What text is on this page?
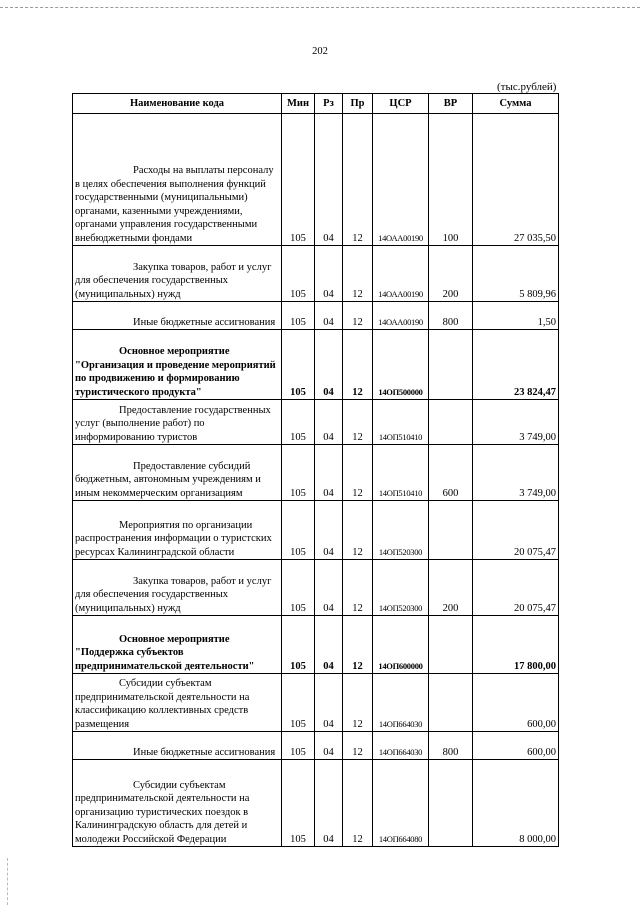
202
(тыс.рублей)
Наименование кода	Мин	Рз	Пр	ЦСР	ВР	Сумма
Расходы на выплаты персоналу в целях обеспечения выполнения функций государственными (муниципальными) органами, казенными учреждениями, органами управления государственными внебюджетными фондами	105	04	12	14ОАА00190	100	27 035,50
Закупка товаров, работ и услуг для обеспечения государственных (муниципальных) нужд	105	04	12	14ОАА00190	200	5 809,96
Иные бюджетные ассигнования	105	04	12	14ОАА00190	800	1,50
Основное мероприятие "Организация и проведение мероприятий по продвижению и формированию туристического продукта"	105	04	12	14ОП500000		23 824,47
Предоставление государственных услуг (выполнение работ) по информированию туристов	105	04	12	14ОП510410		3 749,00
Предоставление субсидий бюджетным, автономным учреждениям и иным некоммерческим организациям	105	04	12	14ОП510410	600	3 749,00
Мероприятия по организации распространения информации о туристских ресурсах Калининградской области	105	04	12	14ОП520300		20 075,47
Закупка товаров, работ и услуг для обеспечения государственных (муниципальных) нужд	105	04	12	14ОП520300	200	20 075,47
Основное мероприятие "Поддержка субъектов предпринимательской деятельности"	105	04	12	14ОП600000		17 800,00
Субсидии субъектам предпринимательской деятельности на классификацию коллективных средств размещения	105	04	12	14ОП664030		600,00
Иные бюджетные ассигнования	105	04	12	14ОП664030	800	600,00
Субсидии субъектам предпринимательской деятельности на организацию туристических поездок в Калининградскую область для детей и молодежи Российской Федерации	105	04	12	14ОП664080		8 000,00
